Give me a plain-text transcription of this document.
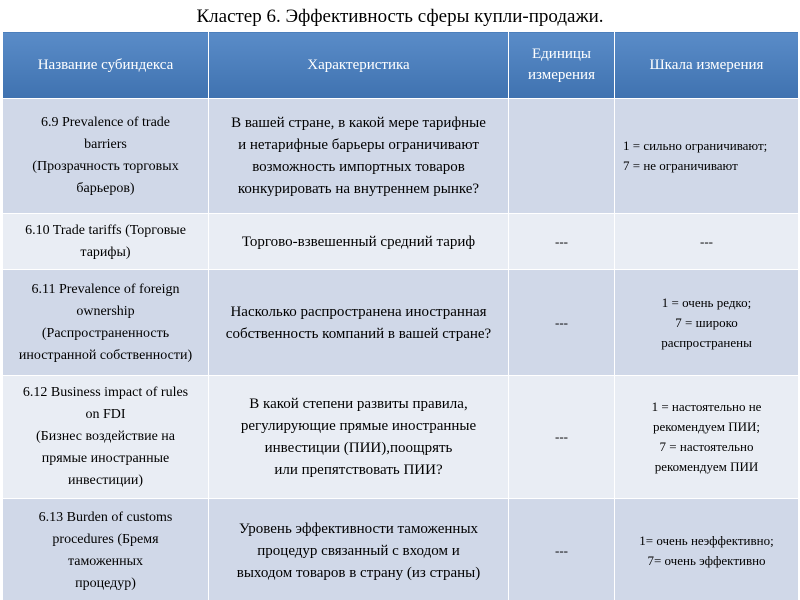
Кластер 6. Эффективность сферы купли-продажи.
Название субиндекса	Характеристика	Единицы измерения	Шкала измерения

6.9 Prevalence of trade
barriers
(Прозрачность торговых
барьеров)	В вашей стране, в какой мере тарифные
и нетарифные барьеры ограничивают
возможность импортных товаров
конкурировать на внутреннем рынке?		1 = сильно ограничивают;
7 = не ограничивают

6.10 Trade tariffs (Торговые
тарифы)	Торгово-взвешенный средний тариф	---	---

6.11 Prevalence of foreign
ownership
(Распространенность
иностранной собственности)	Насколько распространена иностранная
собственность компаний в вашей стране?	---	1 = очень редко;
7 = широко
распространены

6.12 Business impact of rules
on FDI
(Бизнес воздействие на
прямые иностранные
инвестиции)	В какой степени развиты правила,
регулирующие прямые иностранные
инвестиции (ПИИ),поощрять
или препятствовать ПИИ?	---	1 = настоятельно не
рекомендуем ПИИ;
7 = настоятельно
рекомендуем ПИИ

6.13 Burden of customs
procedures (Бремя
таможенных
процедур)	Уровень эффективности таможенных
процедур связанный с входом и
выходом товаров в страну (из страны)	---	1= очень неэффективно;
7= очень эффективно
